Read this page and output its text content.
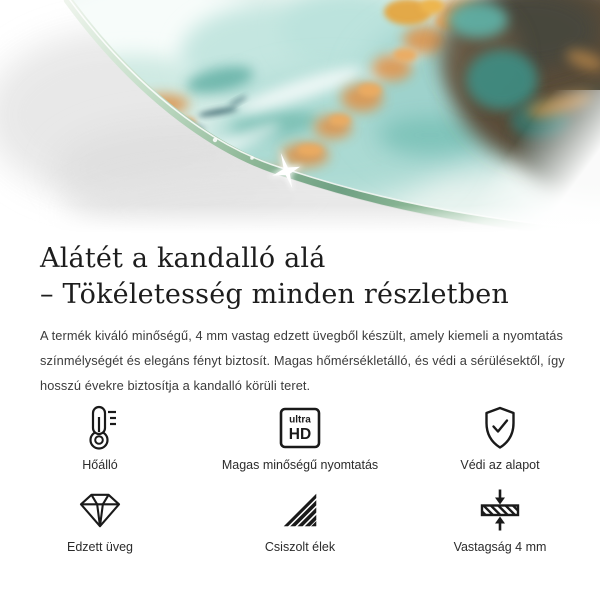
Alátét a kandalló alá
– Tökéletesség minden részletben

A termék kiváló minőségű, 4 mm vastag edzett üvegből készült, amely kiemeli a nyomtatás
színmélységét és elegáns fényt biztosít. Magas hőmérsékletálló, és védi a sérülésektől, így
hosszú évekre biztosítja a kandalló körüli teret.

Hőálló
ultra
HD
Magas minőségű nyomtatás	Védi az alapot
Edzett üveg	Csiszolt élek	Vastagság 4 mm
